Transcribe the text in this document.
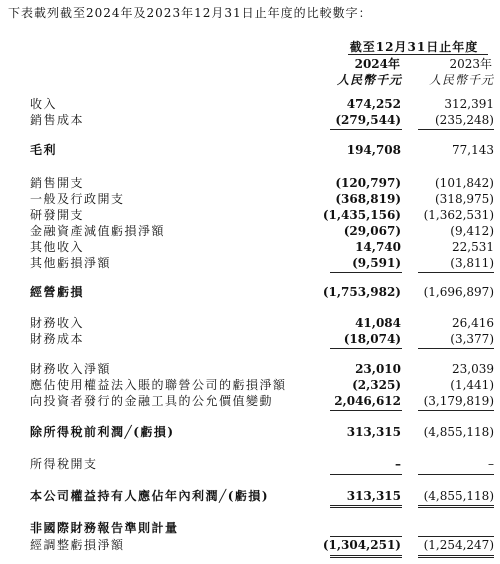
下表載列截至2024年及2023年12月31日止年度的比較數字：
截至12月31日止年度
2024年	2023年
人民幣千元	人民幣千元
收入	474,252	312,391
銷售成本	(279,544)	(235,248)
毛利	194,708	77,143
銷售開支	(120,797)	(101,842)
一般及行政開支	(368,819)	(318,975)
研發開支	(1,435,156)	(1,362,531)
金融資產減值虧損淨額	(29,067)	(9,412)
其他收入	14,740	22,531
其他虧損淨額	(9,591)	(3,811)
經營虧損	(1,753,982)	(1,696,897)
財務收入	41,084	26,416
財務成本	(18,074)	(3,377)
財務收入淨額	23,010	23,039
應佔使用權益法入賬的聯營公司的虧損淨額	(2,325)	(1,441)
向投資者發行的金融工具的公允價值變動	2,046,612	(3,179,819)
除所得稅前利潤╱(虧損)	313,315	(4,855,118)
所得稅開支	–	–
本公司權益持有人應佔年內利潤╱(虧損)	313,315	(4,855,118)
非國際財務報告準則計量
經調整虧損淨額	(1,304,251)	(1,254,247)
